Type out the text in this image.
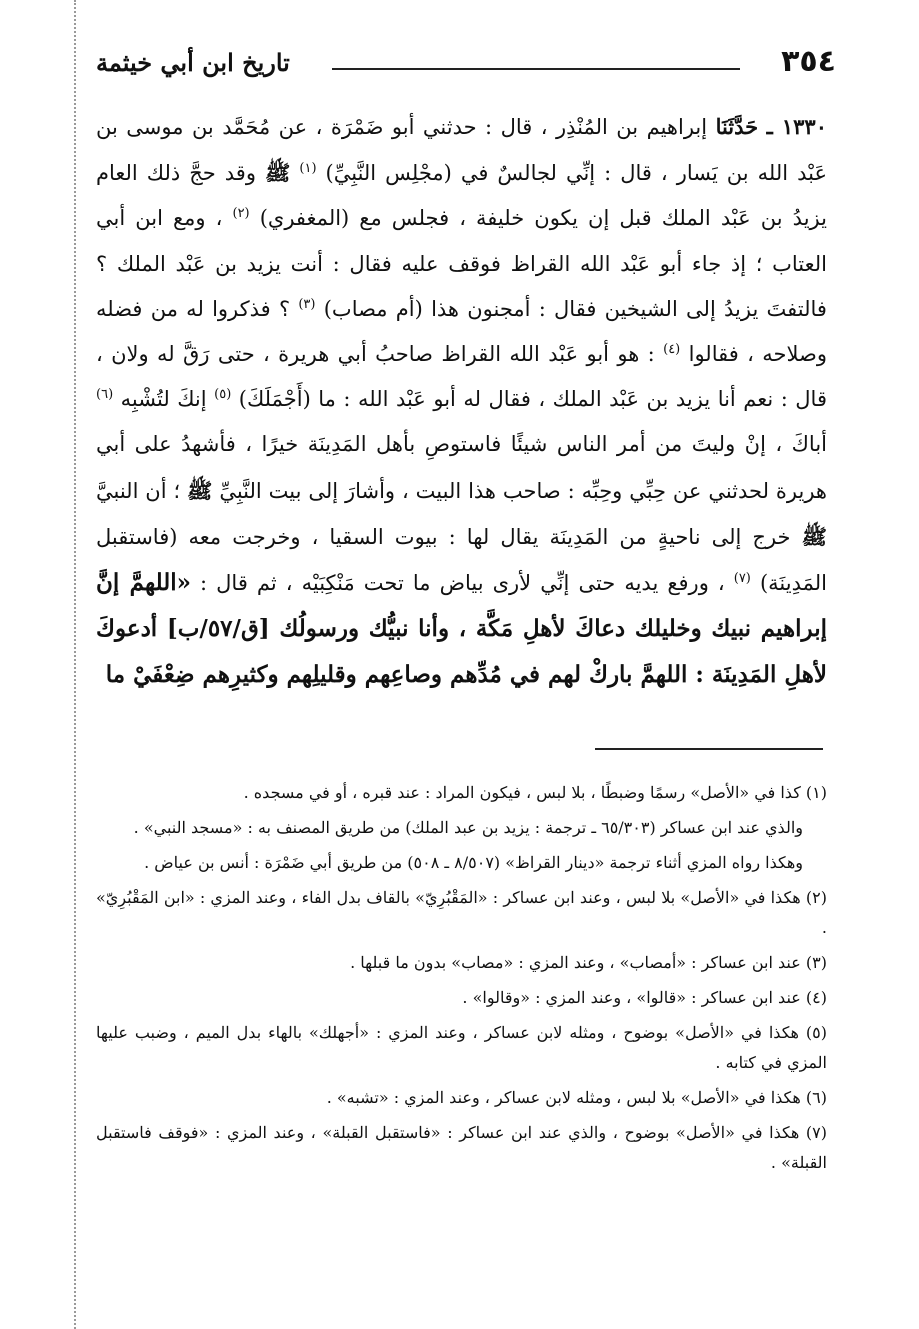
٣٥٤
تاريخ ابن أبي خيثمة
١٣٣٠ ـ حَدَّثَنَا إبراهيم بن المُنْذِر ، قال : حدثني أبو ضَمْرَة ، عن مُحَمَّد بن موسى بن عَبْد الله بن يَسار ، قال : إنِّي لجالسٌ في (مجْلِس النَّبِيِّ) $^{(١)}$ ﷺ وقد حجَّ ذلك العام يزيدُ بن عَبْد الملك قبل إن يكون خليفة ، فجلس مع (المغفري) $^{(٢)}$ ، ومع ابن أبي العتاب ؛ إذ جاء أبو عَبْد الله القراظ فوقف عليه فقال : أنت يزيد بن عَبْد الملك ؟ فالتفتَ يزيدُ إلى الشيخين فقال : أمجنون هذا (أم مصاب) $^{(٣)}$ ؟ فذكروا له من فضله وصلاحه ، فقالوا $^{(٤)}$ : هو أبو عَبْد الله القراظ صاحبُ أبي هريرة ، حتى رَقَّ له ولان ، قال : نعم أنا يزيد بن عَبْد الملك ، فقال له أبو عَبْد الله : ما (أَجْمَلَكَ) $^{(٥)}$ إنكَ لتُشْبِه $^{(٦)}$ أباكَ ، إنْ وليتَ من أمر الناس شيئًا فاستوصِ بأهل المَدِينَة خيرًا ، فأشهدُ على أبي هريرة لحدثني عن حِبِّي وحِبِّه : صاحب هذا البيت ، وأشارَ إلى بيت النَّبِيِّ ﷺ ؛ أن النبيَّ ﷺ خرج إلى ناحيةٍ من المَدِينَة يقال لها : بيوت السقيا ، وخرجت معه (فاستقبل المَدِينَة) $^{(٧)}$ ، ورفع يديه حتى إنِّي لأرى بياض ما تحت مَنْكِبَيْه ، ثم قال : «اللهمَّ إنَّ إبراهيم نبيك وخليلك دعاكَ لأهلِ مَكَّة ، وأنا نبيُّك ورسولُك [ق/٥٧/ب] أدعوكَ لأهلِ المَدِينَة : اللهمَّ باركْ لهم في مُدِّهم وصاعِهم وقليلِهم وكثيرِهم ضِعْفَيْ ما

(١) كذا في «الأصل» رسمًا وضبطًا ، بلا لبس ، فيكون المراد : عند قبره ، أو في مسجده .

والذي عند ابن عساكر (٦٥/٣٠٣ ـ ترجمة : يزيد بن عبد الملك) من طريق المصنف به : «مسجد النبي» .

وهكذا رواه المزي أثناء ترجمة «دينار القراظ» (٨/٥٠٧ ـ ٥٠٨) من طريق أبي ضَمْرَة : أنس بن عياض .

(٢) هكذا في «الأصل» بلا لبس ، وعند ابن عساكر : «المَقْبُرِيّ» بالقاف بدل الفاء ، وعند المزي : «ابن المَقْبُرِيّ» .

(٣) عند ابن عساكر : «أمصاب» ، وعند المزي : «مصاب» بدون ما قبلها .

(٤) عند ابن عساكر : «قالوا» ، وعند المزي : «وقالوا» .

(٥) هكذا في «الأصل» بوضوح ، ومثله لابن عساكر ، وعند المزي : «أجهلك» بالهاء بدل الميم ، وضبب عليها المزي في كتابه .

(٦) هكذا في «الأصل» بلا لبس ، ومثله لابن عساكر ، وعند المزي : «تشبه» .

(٧) هكذا في «الأصل» بوضوح ، والذي عند ابن عساكر : «فاستقبل القبلة» ، وعند المزي : «فوقف فاستقبل القبلة» .
